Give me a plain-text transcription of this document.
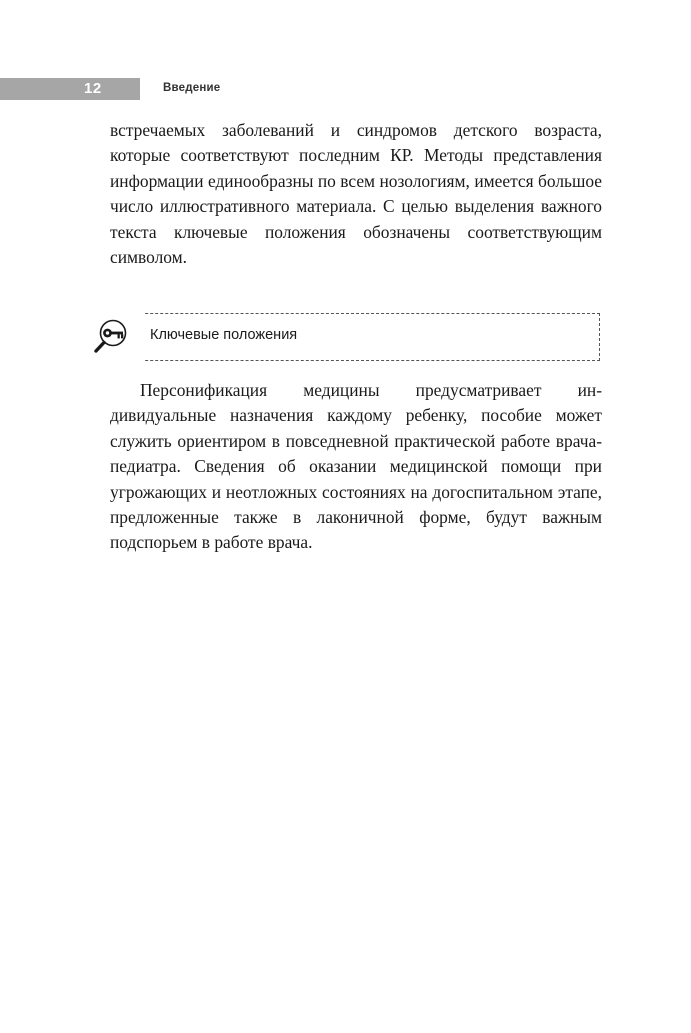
12	Введение

встречаемых заболеваний и синдромов детского возраста, которые соответствуют последним КР. Методы представления информации единообразны по всем нозологиям, имеется большое число иллюстративного материала. С целью выделения важного текста ключевые положения обозначены соответствующим символом.

Ключевые положения

Персонификация медицины предусматривает индивидуальные назначения каждому ребенку, пособие может служить ориентиром в повседневной практической работе врача-педиатра. Сведения об оказании медицинской помощи при угрожающих и неотложных состояниях на догоспитальном этапе, предложенные также в лаконичной форме, будут важным подспорьем в работе врача.
